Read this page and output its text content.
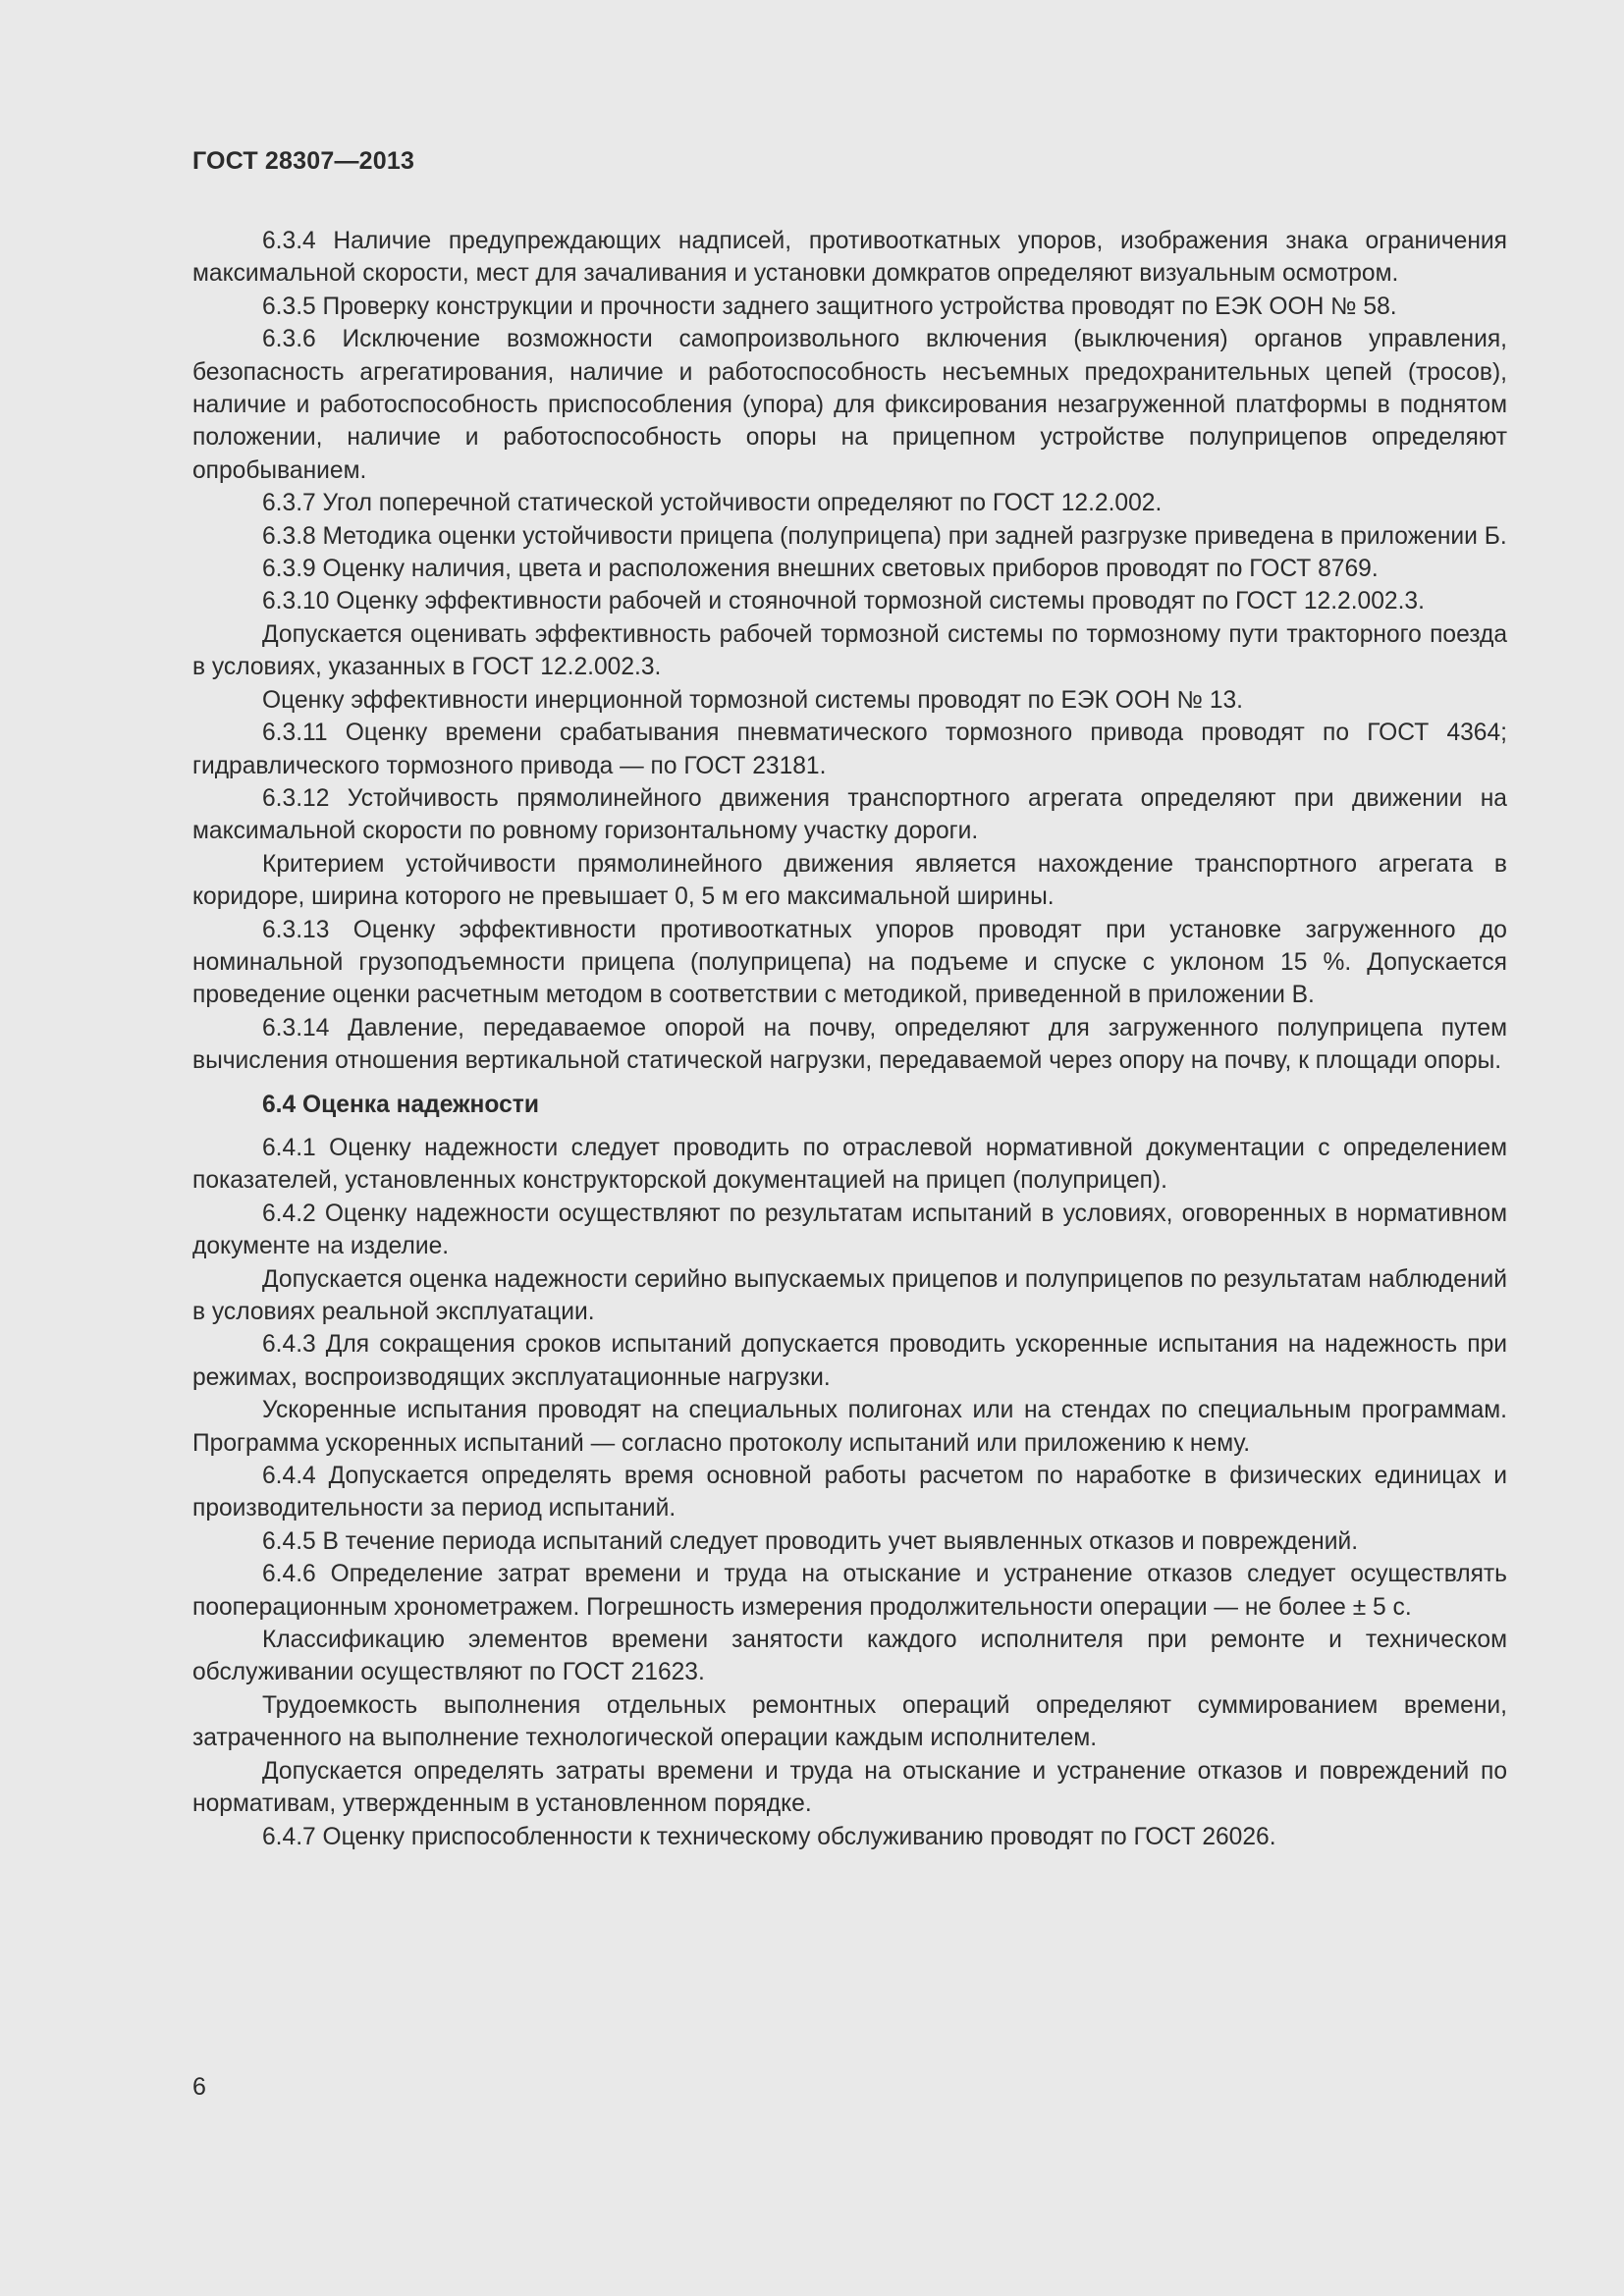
ГОСТ 28307—2013

6.3.4 Наличие предупреждающих надписей, противооткатных упоров, изображения знака ограничения максимальной скорости, мест для зачаливания и установки домкратов определяют визуальным осмотром.

6.3.5 Проверку конструкции и прочности заднего защитного устройства проводят по ЕЭК ООН № 58.

6.3.6 Исключение возможности самопроизвольного включения (выключения) органов управления, безопасность агрегатирования, наличие и работоспособность несъемных предохранительных цепей (тросов), наличие и работоспособность приспособления (упора) для фиксирования незагруженной платформы в поднятом положении, наличие и работоспособность опоры на прицепном устройстве полуприцепов определяют опробыванием.

6.3.7 Угол поперечной статической устойчивости определяют по ГОСТ 12.2.002.

6.3.8 Методика оценки устойчивости прицепа (полуприцепа) при задней разгрузке приведена в приложении Б.

6.3.9 Оценку наличия, цвета и расположения внешних световых приборов проводят по ГОСТ 8769.

6.3.10 Оценку эффективности рабочей и стояночной тормозной системы проводят по ГОСТ 12.2.002.3.

Допускается оценивать эффективность рабочей тормозной системы по тормозному пути тракторного поезда в условиях, указанных в ГОСТ 12.2.002.3.

Оценку эффективности инерционной тормозной системы проводят по ЕЭК ООН № 13.

6.3.11 Оценку времени срабатывания пневматического тормозного привода проводят по ГОСТ 4364; гидравлического тормозного привода — по ГОСТ 23181.

6.3.12 Устойчивость прямолинейного движения транспортного агрегата определяют при движении на максимальной скорости по ровному горизонтальному участку дороги.

Критерием устойчивости прямолинейного движения является нахождение транспортного агрегата в коридоре, ширина которого не превышает 0, 5 м его максимальной ширины.

6.3.13 Оценку эффективности противооткатных упоров проводят при установке загруженного до номинальной грузоподъемности прицепа (полуприцепа) на подъеме и спуске с уклоном 15 %. Допускается проведение оценки расчетным методом в соответствии с методикой, приведенной в приложении В.

6.3.14 Давление, передаваемое опорой на почву, определяют для загруженного полуприцепа путем вычисления отношения вертикальной статической нагрузки, передаваемой через опору на почву, к площади опоры.

6.4 Оценка надежности

6.4.1 Оценку надежности следует проводить по отраслевой нормативной документации с определением показателей, установленных конструкторской документацией на прицеп (полуприцеп).

6.4.2 Оценку надежности осуществляют по результатам испытаний в условиях, оговоренных в нормативном документе на изделие.

Допускается оценка надежности серийно выпускаемых прицепов и полуприцепов по результатам наблюдений в условиях реальной эксплуатации.

6.4.3 Для сокращения сроков испытаний допускается проводить ускоренные испытания на надежность при режимах, воспроизводящих эксплуатационные нагрузки.

Ускоренные испытания проводят на специальных полигонах или на стендах по специальным программам. Программа ускоренных испытаний — согласно протоколу испытаний или приложению к нему.

6.4.4 Допускается определять время основной работы расчетом по наработке в физических единицах и производительности за период испытаний.

6.4.5 В течение периода испытаний следует проводить учет выявленных отказов и повреждений.

6.4.6 Определение затрат времени и труда на отыскание и устранение отказов следует осуществлять пооперационным хронометражем. Погрешность измерения продолжительности операции — не более ± 5 с.

Классификацию элементов времени занятости каждого исполнителя при ремонте и техническом обслуживании осуществляют по ГОСТ 21623.

Трудоемкость выполнения отдельных ремонтных операций определяют суммированием времени, затраченного на выполнение технологической операции каждым исполнителем.

Допускается определять затраты времени и труда на отыскание и устранение отказов и повреждений по нормативам, утвержденным в установленном порядке.

6.4.7 Оценку приспособленности к техническому обслуживанию проводят по ГОСТ 26026.

6
